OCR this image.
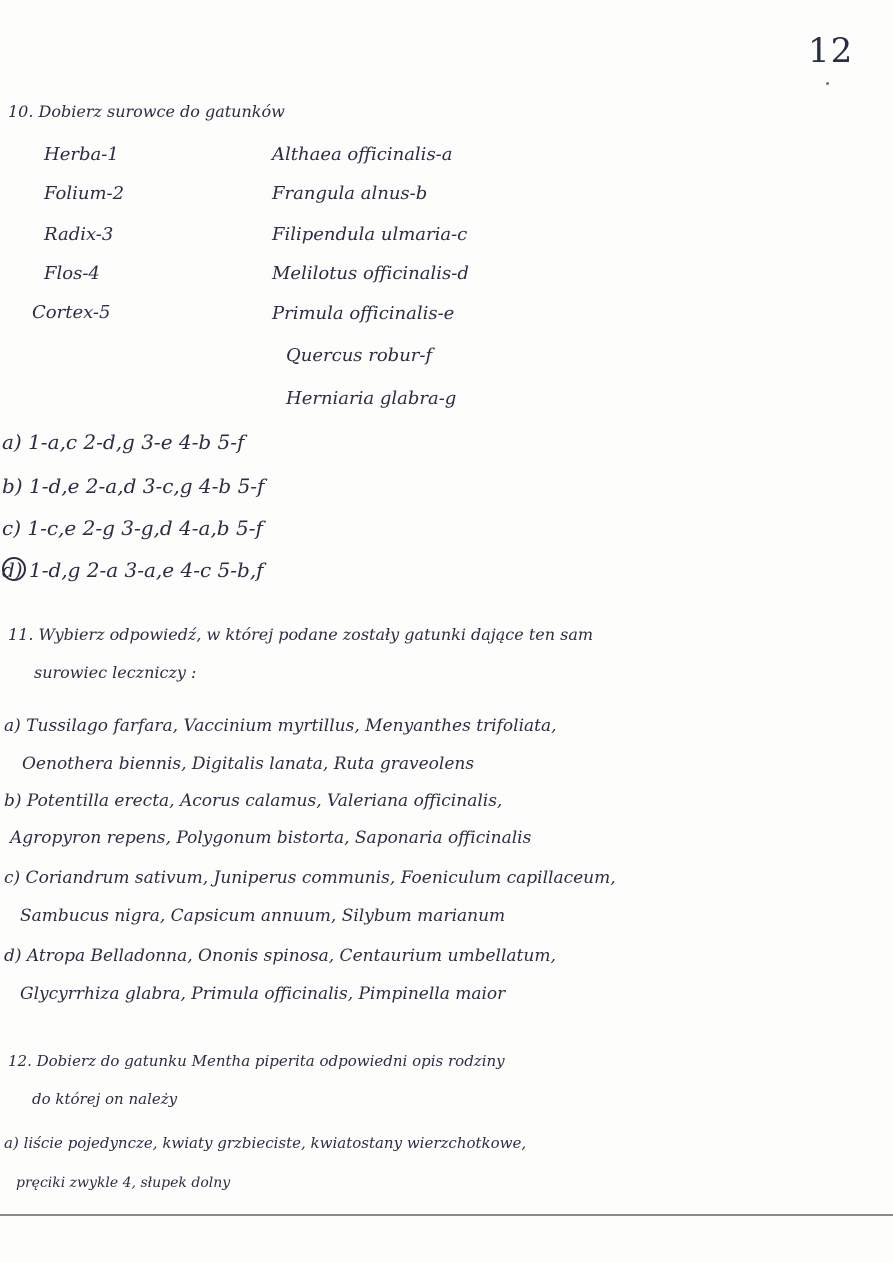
12
10. Dobierz surowce do gatunków
Herba-1
Folium-2
Radix-3
Flos-4
Cortex-5
Althaea officinalis-a
Frangula alnus-b
Filipendula ulmaria-c
Melilotus officinalis-d
Primula officinalis-e
Quercus robur-f
Herniaria glabra-g
a) 1-a,c 2-d,g 3-e 4-b 5-f
b) 1-d,e 2-a,d 3-c,g 4-b 5-f
c) 1-c,e 2-g 3-g,d 4-a,b 5-f
d) 1-d,g 2-a 3-a,e 4-c 5-b,f
11. Wybierz odpowiedź, w której podane zostały gatunki dające ten sam
surowiec leczniczy :
a) Tussilago farfara, Vaccinium myrtillus, Menyanthes trifoliata,
Oenothera biennis, Digitalis lanata, Ruta graveolens
b) Potentilla erecta, Acorus calamus, Valeriana officinalis,
Agropyron repens, Polygonum bistorta, Saponaria officinalis
c) Coriandrum sativum, Juniperus communis, Foeniculum capillaceum,
Sambucus nigra, Capsicum annuum, Silybum marianum
d) Atropa Belladonna, Ononis spinosa, Centaurium umbellatum,
Glycyrrhiza glabra, Primula officinalis, Pimpinella maior
12. Dobierz do gatunku Mentha piperita odpowiedni opis rodziny
do której on należy
a) liście pojedyncze, kwiaty grzbieciste, kwiatostany wierzchotkowe,
pręciki zwykle 4, słupek dolny
